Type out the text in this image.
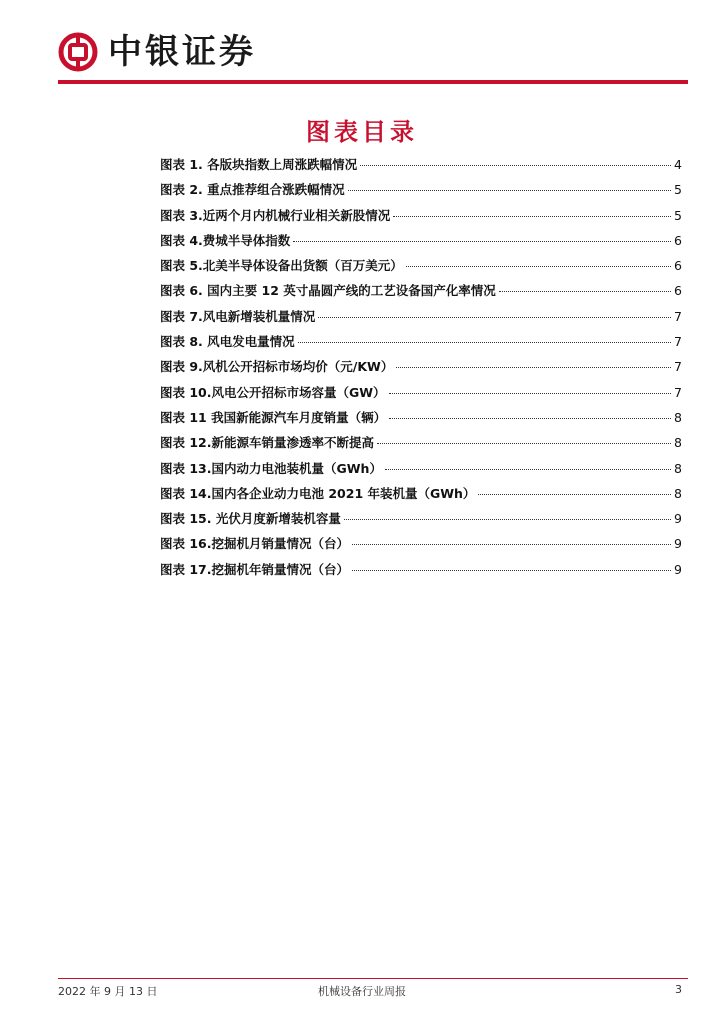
中银证券
图表目录
图表 1. 各版块指数上周涨跌幅情况	4
图表 2. 重点推荐组合涨跌幅情况	5
图表 3.近两个月内机械行业相关新股情况	5
图表 4.费城半导体指数	6
图表 5.北美半导体设备出货额（百万美元）	6
图表 6. 国内主要 12 英寸晶圆产线的工艺设备国产化率情况	6
图表 7.风电新增装机量情况	7
图表 8. 风电发电量情况	7
图表 9.风机公开招标市场均价（元/KW）	7
图表 10.风电公开招标市场容量（GW）	7
图表 11 我国新能源汽车月度销量（辆）	8
图表 12.新能源车销量渗透率不断提高	8
图表 13.国内动力电池装机量（GWh）	8
图表 14.国内各企业动力电池 2021 年装机量（GWh）	8
图表 15. 光伏月度新增装机容量	9
图表 16.挖掘机月销量情况（台）	9
图表 17.挖掘机年销量情况（台）	9
2022 年 9 月 13 日	机械设备行业周报	3
